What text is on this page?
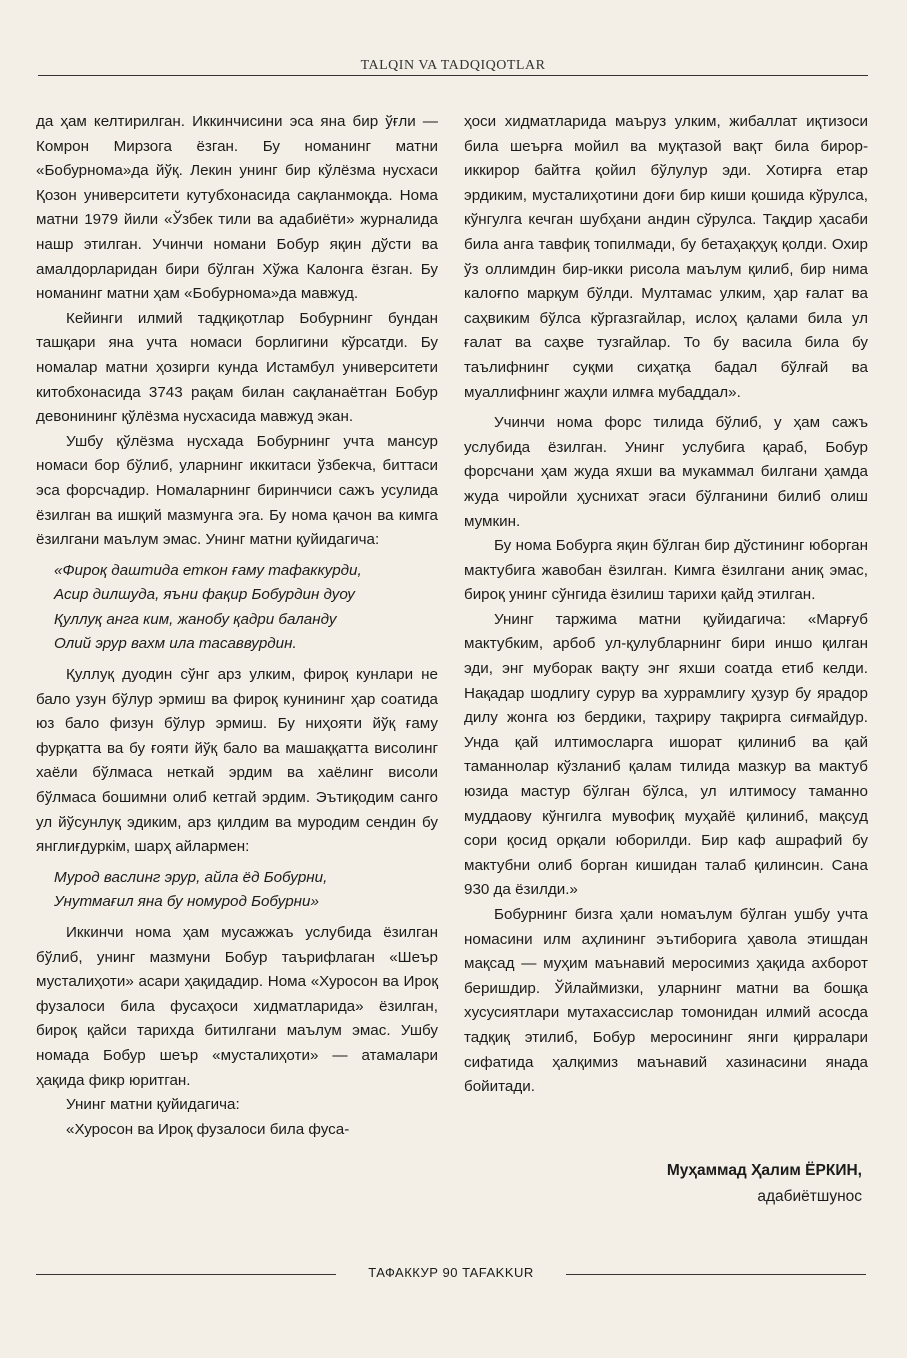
TALQIN VA TADQIQOTLAR

да ҳам келтирилган. Иккинчисини эса яна бир ўғли — Комрон Мирзога ёзган. Бу номанинг матни «Бобурнома»да йўқ. Лекин унинг бир кўлёзма нусхаси Қозон университети кутубхонасида сақланмоқда. Нома матни 1979 йили «Ўзбек тили ва адабиёти» журналида нашр этилган. Учинчи номани Бобур яқин дўсти ва амалдорларидан бири бўлган Хўжа Калонга ёзган. Бу номанинг матни ҳам «Бобурнома»да мавжуд.

Кейинги илмий тадқиқотлар Бобурнинг бундан ташқари яна учта номаси борлигини кўрсатди. Бу номалар матни ҳозирги кунда Истамбул университети китобхонасида 3743 рақам билан сақланаётган Бобур девонининг қўлёзма нусхасида мавжуд экан.

Ушбу қўлёзма нусхада Бобурнинг учта мансур номаси бор бўлиб, уларнинг иккитаси ўзбекча, биттаси эса форсчадир. Номаларнинг биринчиси сажъ усулида ёзилган ва ишқий мазмунга эга. Бу нома қачон ва кимга ёзилгани маълум эмас. Унинг матни қуйидагича:

«Фироқ даштида еткон ғаму тафаккурди,
Асир дилшуда, яъни фақир Бобурдин дуоу
Қуллуқ анга ким, жанобу қадри баланду
Олий эрур вахм ила тасаввурдин.

Қуллуқ дуодин сўнг арз улким, фироқ кунлари не бало узун бўлур эрмиш ва фироқ кунининг ҳар соатида юз бало физун бўлур эрмиш. Бу ниҳояти йўқ ғаму фурқатта ва бу ғояти йўқ бало ва машаққатта висолинг хаёли бўлмаса неткай эрдим ва хаёлинг висоли бўлмаса бошимни олиб кетгай эрдим. Эътиқодим санго ул йўсунлуқ эдиким, арз қилдим ва муродим сендин бу янглиғдуркім, шарҳ айлармен:

Мурод васлинг эрур, айла ёд Бобурни,
Унутмағил яна бу номурод Бобурни»

Иккинчи нома ҳам мусажжаъ услубида ёзилган бўлиб, унинг мазмуни Бобур таърифлаган «Шеър мусталиҳоти» асари ҳақидадир. Нома «Хуросон ва Ироқ фузалоси била фусаҳоси хидматларида» ёзилган, бироқ қайси тарихда битилгани маълум эмас. Ушбу номада Бобур шеър «мусталиҳоти» — атамалари ҳақида фикр юритган.

Унинг матни қуйидагича:

«Хуросон ва Ироқ фузалоси била фуса-

ҳоси хидматларида маъруз улким, жибаллат иқтизоси била шеърға мойил ва муқтазой вақт била бирор-иккирор байтға қойил бўлулур эди. Хотирға етар эрдиким, мусталиҳотини доғи бир киши қошида кўрулса, кўнгулга кечган шубҳани андин сўрулса. Тақдир ҳасаби била анга тавфиқ топилмади, бу бетаҳақҳуқ қолди. Охир ўз оллимдин бир-икки рисола маълум қилиб, бир нима калоғпо марқум бўлди. Мултамас улким, ҳар ғалат ва саҳвиким бўлса кўргазгайлар, ислоҳ қалами била ул ғалат ва саҳве тузгайлар. То бу васила била бу таълифнинг суқми сиҳатқа бадал бўлғай ва муаллифнинг жаҳли илмға мубаддал».

Учинчи нома форс тилида бўлиб, у ҳам сажъ услубида ёзилган. Унинг услубига қараб, Бобур форсчани ҳам жуда яхши ва мукаммал билгани ҳамда жуда чиройли ҳуснихат эгаси бўлганини билиб олиш мумкин.

Бу нома Бобурга яқин бўлган бир дўстининг юборган мактубига жавобан ёзилган. Кимга ёзилгани аниқ эмас, бироқ унинг сўнгида ёзилиш тарихи қайд этилган.

Унинг таржима матни қуйидагича: «Марғуб мактубким, арбоб ул-қулубларнинг бири иншо қилган эди, энг муборак вақту энг яхши соатда етиб келди. Нақадар шодлигу сурур ва хуррамлигу ҳузур бу ярадор дилу жонга юз бердики, таҳриру тақрирга сиғмайдур. Унда қай илтимосларга ишорат қилиниб ва қай таманнолар кўзланиб қалам тилида мазкур ва мактуб юзида мастур бўлган бўлса, ул илтимосу таманно муддаову кўнгилга мувофиқ муҳайё қилиниб, мақсуд сори қосид орқали юборилди. Бир каф ашрафий бу мактубни олиб борган кишидан талаб қилинсин. Сана 930 да ёзилди.»

Бобурнинг бизга ҳали номаълум бўлган ушбу учта номасини илм аҳлининг эътиборига ҳавола этишдан мақсад — муҳим маънавий меросимиз ҳақида ахборот беришдир. Ўйлаймизки, уларнинг матни ва бошқа хусусиятлари мутахассислар томонидан илмий асосда тадқиқ этилиб, Бобур меросининг янги қирралари сифатида ҳалқимиз маънавий хазинасини янада бойитади.

Муҳаммад Ҳалим ЁРКИН,
адабиётшунос
ТАФАККУР 90 TAFAKKUR
